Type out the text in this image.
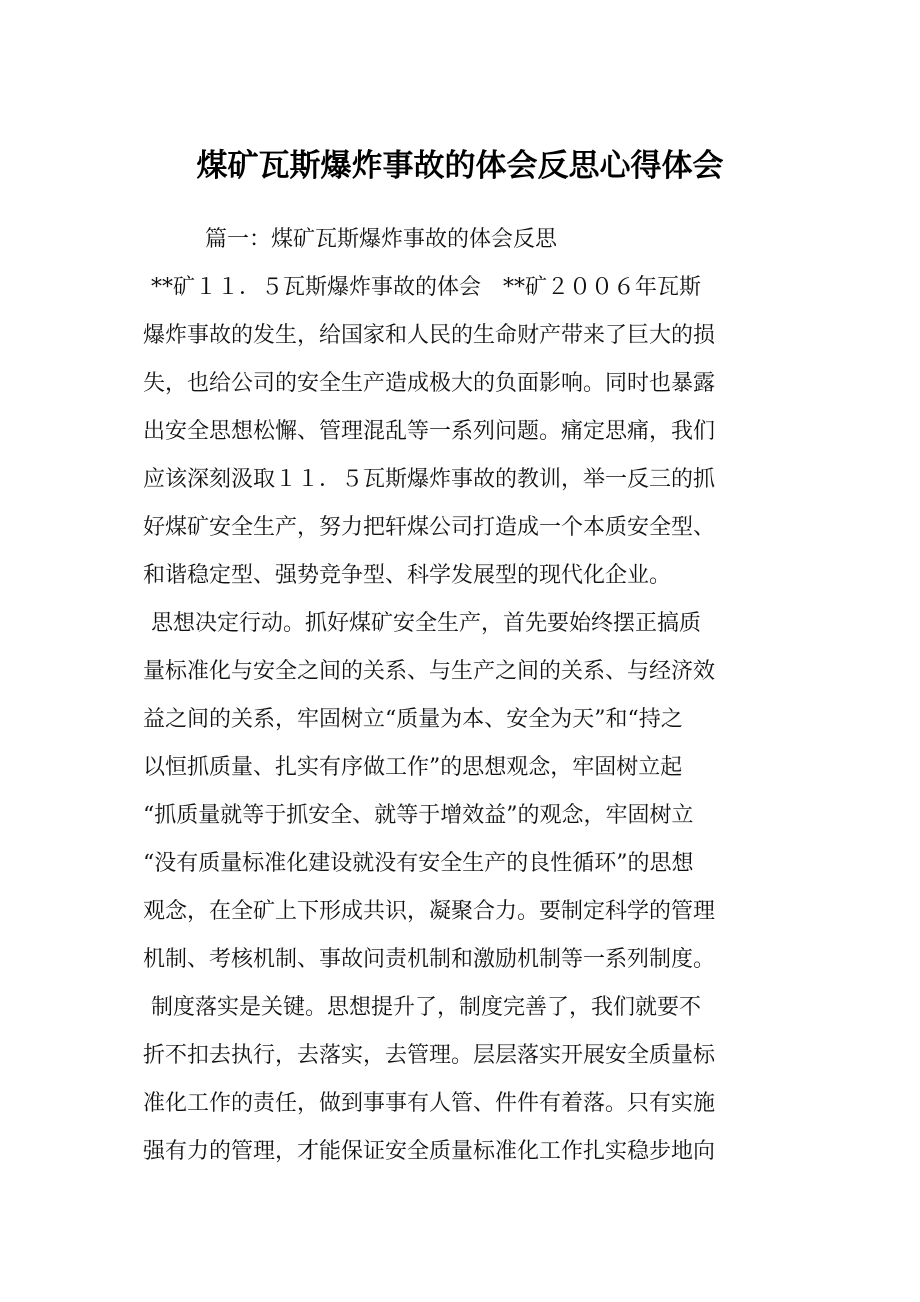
煤矿瓦斯爆炸事故的体会反思心得体会
篇一：煤矿瓦斯爆炸事故的体会反思
**矿１１．５瓦斯爆炸事故的体会　**矿２００６年瓦斯
爆炸事故的发生，给国家和人民的生命财产带来了巨大的损
失，也给公司的安全生产造成极大的负面影响。同时也暴露
出安全思想松懈、管理混乱等一系列问题。痛定思痛，我们
应该深刻汲取１１．５瓦斯爆炸事故的教训，举一反三的抓
好煤矿安全生产，努力把轩煤公司打造成一个本质安全型、
和谐稳定型、强势竞争型、科学发展型的现代化企业。
思想决定行动。抓好煤矿安全生产，首先要始终摆正搞质
量标准化与安全之间的关系、与生产之间的关系、与经济效
益之间的关系，牢固树立“质量为本、安全为天”和“持之
以恒抓质量、扎实有序做工作”的思想观念，牢固树立起
“抓质量就等于抓安全、就等于增效益”的观念，牢固树立
“没有质量标准化建设就没有安全生产的良性循环”的思想
观念，在全矿上下形成共识，凝聚合力。要制定科学的管理
机制、考核机制、事故问责机制和激励机制等一系列制度。
制度落实是关键。思想提升了，制度完善了，我们就要不
折不扣去执行，去落实，去管理。层层落实开展安全质量标
准化工作的责任，做到事事有人管、件件有着落。只有实施
强有力的管理，才能保证安全质量标准化工作扎实稳步地向
